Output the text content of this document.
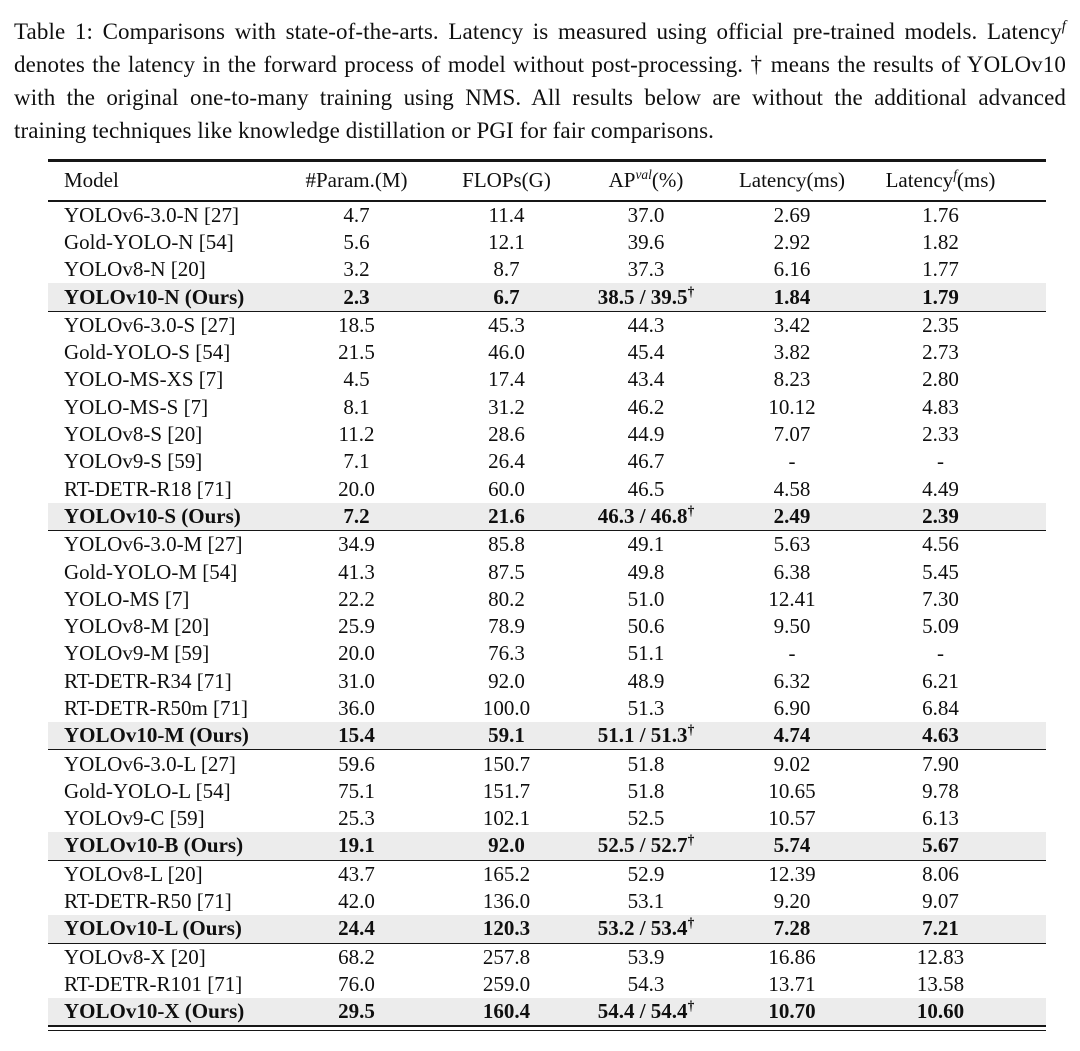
Table 1: Comparisons with state-of-the-arts. Latency is measured using official pre-trained models. Latency$^f$ denotes the latency in the forward process of model without post-processing. † means the results of YOLOv10 with the original one-to-many training using NMS. All results below are without the additional advanced training techniques like knowledge distillation or PGI for fair comparisons.
Model	#Param.(M)	FLOPs(G)	$AP^{val}(\%)$	Latency(ms)	Latency$^f$(ms)
YOLOv6-3.0-N [27]	4.7	11.4	37.0	2.69	1.76
Gold-YOLO-N [54]	5.6	12.1	39.6	2.92	1.82
YOLOv8-N [20]	3.2	8.7	37.3	6.16	1.77
YOLOv10-N (Ours)	2.3	6.7	38.5 / 39.5†	1.84	1.79
YOLOv6-3.0-S [27]	18.5	45.3	44.3	3.42	2.35
Gold-YOLO-S [54]	21.5	46.0	45.4	3.82	2.73
YOLO-MS-XS [7]	4.5	17.4	43.4	8.23	2.80
YOLO-MS-S [7]	8.1	31.2	46.2	10.12	4.83
YOLOv8-S [20]	11.2	28.6	44.9	7.07	2.33
YOLOv9-S [59]	7.1	26.4	46.7	-	-
RT-DETR-R18 [71]	20.0	60.0	46.5	4.58	4.49
YOLOv10-S (Ours)	7.2	21.6	46.3 / 46.8†	2.49	2.39
YOLOv6-3.0-M [27]	34.9	85.8	49.1	5.63	4.56
Gold-YOLO-M [54]	41.3	87.5	49.8	6.38	5.45
YOLO-MS [7]	22.2	80.2	51.0	12.41	7.30
YOLOv8-M [20]	25.9	78.9	50.6	9.50	5.09
YOLOv9-M [59]	20.0	76.3	51.1	-	-
RT-DETR-R34 [71]	31.0	92.0	48.9	6.32	6.21
RT-DETR-R50m [71]	36.0	100.0	51.3	6.90	6.84
YOLOv10-M (Ours)	15.4	59.1	51.1 / 51.3†	4.74	4.63
YOLOv6-3.0-L [27]	59.6	150.7	51.8	9.02	7.90
Gold-YOLO-L [54]	75.1	151.7	51.8	10.65	9.78
YOLOv9-C [59]	25.3	102.1	52.5	10.57	6.13
YOLOv10-B (Ours)	19.1	92.0	52.5 / 52.7†	5.74	5.67
YOLOv8-L [20]	43.7	165.2	52.9	12.39	8.06
RT-DETR-R50 [71]	42.0	136.0	53.1	9.20	9.07
YOLOv10-L (Ours)	24.4	120.3	53.2 / 53.4†	7.28	7.21
YOLOv8-X [20]	68.2	257.8	53.9	16.86	12.83
RT-DETR-R101 [71]	76.0	259.0	54.3	13.71	13.58
YOLOv10-X (Ours)	29.5	160.4	54.4 / 54.4†	10.70	10.60
